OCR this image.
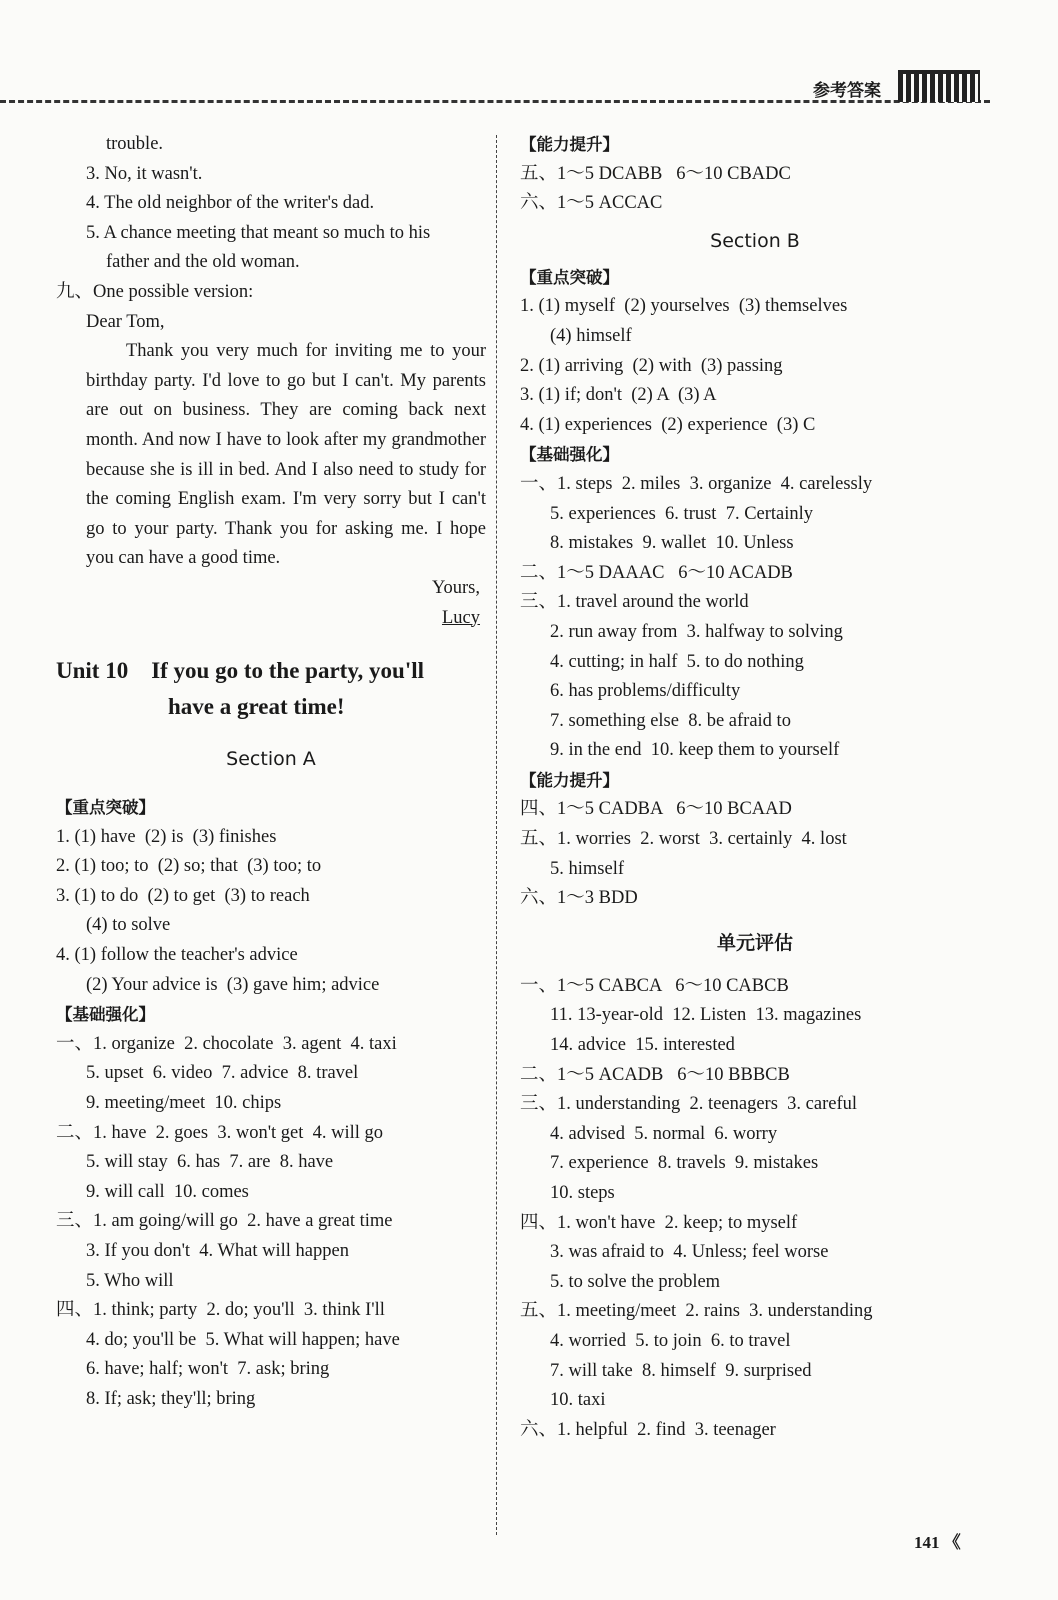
参考答案
trouble.
3. No, it wasn't.
4. The old neighbor of the writer's dad.
5. A chance meeting that meant so much to his
father and the old woman.
九、One possible version:
Dear Tom,
Thank you very much for inviting me to your birthday party. I'd love to go but I can't. My parents are out on business. They are coming back next month. And now I have to look after my grandmother because she is ill in bed. And I also need to study for the coming English exam. I'm very sorry but I can't go to your party. Thank you for asking me. I hope you can have a good time.
Yours,
Lucy
Unit 10    If you go to the party, you'll
have a great time!
Section A
【重点突破】
1. (1) have  (2) is  (3) finishes
2. (1) too; to  (2) so; that  (3) too; to
3. (1) to do  (2) to get  (3) to reach
(4) to solve
4. (1) follow the teacher's advice
(2) Your advice is  (3) gave him; advice
【基础强化】
一、1. organize  2. chocolate  3. agent  4. taxi
5. upset  6. video  7. advice  8. travel
9. meeting/meet  10. chips
二、1. have  2. goes  3. won't get  4. will go
5. will stay  6. has  7. are  8. have
9. will call  10. comes
三、1. am going/will go  2. have a great time
3. If you don't  4. What will happen
5. Who will
四、1. think; party  2. do; you'll  3. think I'll
4. do; you'll be  5. What will happen; have
6. have; half; won't  7. ask; bring
8. If; ask; they'll; bring
【能力提升】
五、1～5 DCABB   6～10 CBADC
六、1～5 ACCAC
Section B
【重点突破】
1. (1) myself  (2) yourselves  (3) themselves
(4) himself
2. (1) arriving  (2) with  (3) passing
3. (1) if; don't  (2) A  (3) A
4. (1) experiences  (2) experience  (3) C
【基础强化】
一、1. steps  2. miles  3. organize  4. carelessly
5. experiences  6. trust  7. Certainly
8. mistakes  9. wallet  10. Unless
二、1～5 DAAAC   6～10 ACADB
三、1. travel around the world
2. run away from  3. halfway to solving
4. cutting; in half  5. to do nothing
6. has problems/difficulty
7. something else  8. be afraid to
9. in the end  10. keep them to yourself
【能力提升】
四、1～5 CADBA   6～10 BCAAD
五、1. worries  2. worst  3. certainly  4. lost
5. himself
六、1～3 BDD
单元评估
一、1～5 CABCA   6～10 CABCB
11. 13-year-old  12. Listen  13. magazines
14. advice  15. interested
二、1～5 ACADB   6～10 BBBCB
三、1. understanding  2. teenagers  3. careful
4. advised  5. normal  6. worry
7. experience  8. travels  9. mistakes
10. steps
四、1. won't have  2. keep; to myself
3. was afraid to  4. Unless; feel worse
5. to solve the problem
五、1. meeting/meet  2. rains  3. understanding
4. worried  5. to join  6. to travel
7. will take  8. himself  9. surprised
10. taxi
六、1. helpful  2. find  3. teenager
141 《
